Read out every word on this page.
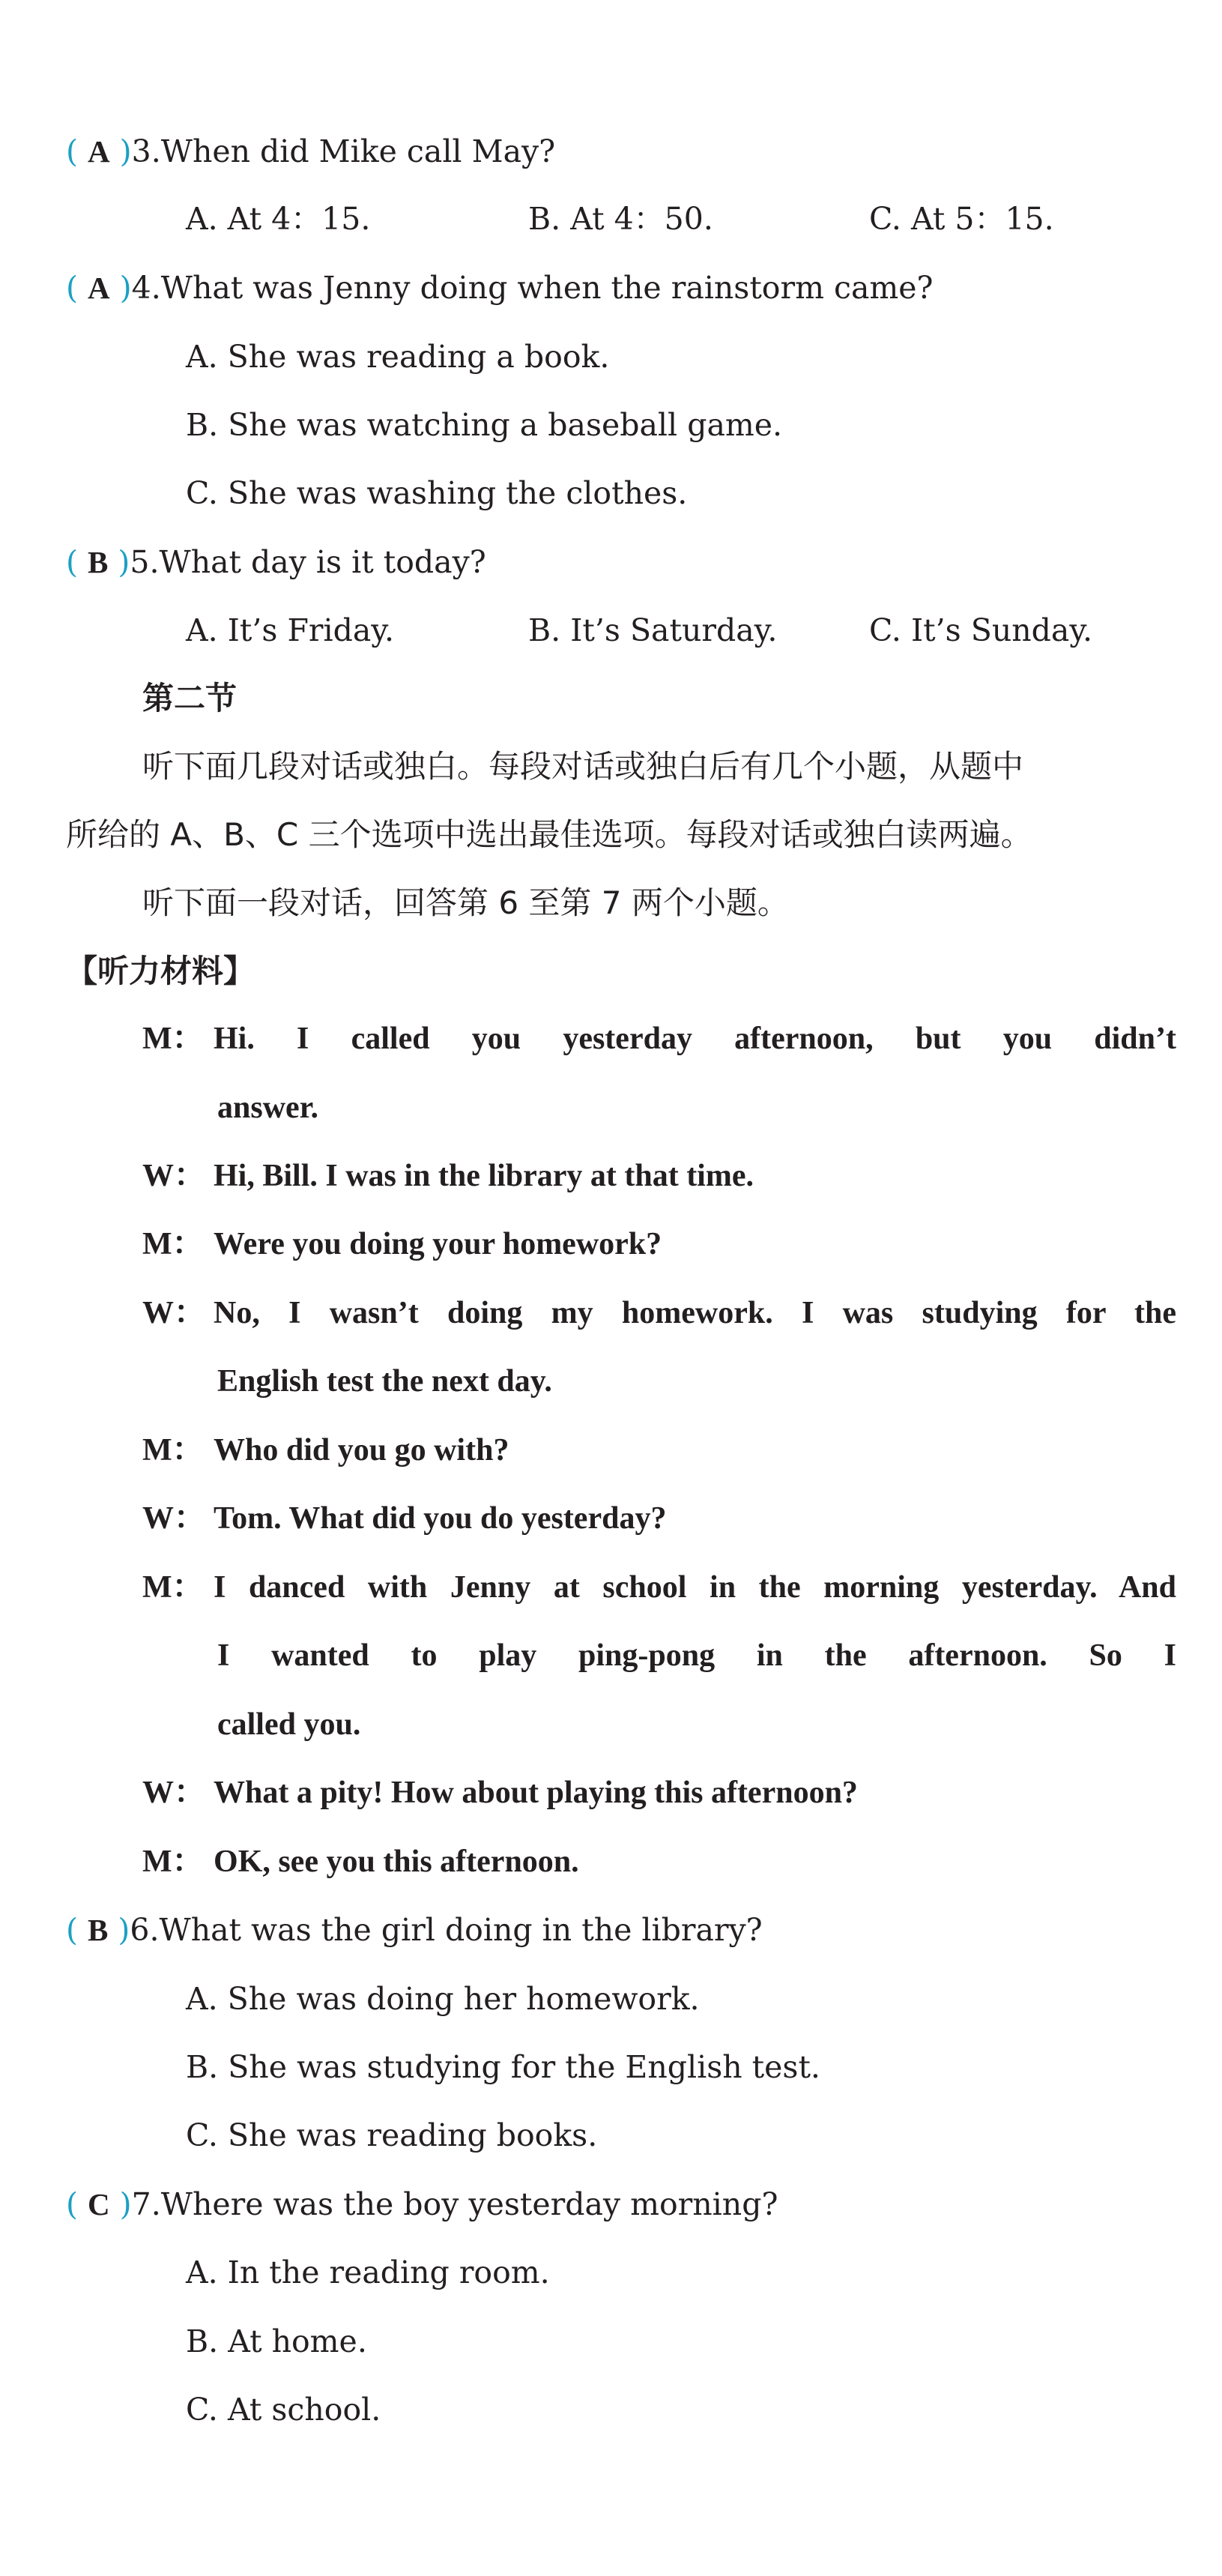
( A )3.When did Mike call May?
A. At 4：15.	B. At 4：50.	C. At 5：15.
( A )4.What was Jenny doing when the rainstorm came?
A. She was reading a book.
B. She was watching a baseball game.
C. She was washing the clothes.
( B )5.What day is it today?
A. It’s Friday.	B. It’s Saturday.	C. It’s Sunday.
第二节
听下面几段对话或独白。每段对话或独白后有几个小题，从题中
所给的 A、B、C 三个选项中选出最佳选项。每段对话或独白读两遍。
听下面一段对话，回答第 6 至第 7 两个小题。
【听力材料】
M： Hi. I called you yesterday afternoon, but you didn’t
answer.
W： Hi, Bill. I was in the library at that time.
M： Were you doing your homework?
W： No, I wasn’t doing my homework. I was studying for the
English test the next day.
M： Who did you go with?
W： Tom. What did you do yesterday?
M： I danced with Jenny at school in the morning yesterday. And
I wanted to play ping-pong in the afternoon. So I
called you.
W： What a pity! How about playing this afternoon?
M： OK, see you this afternoon.
( B )6.What was the girl doing in the library?
A. She was doing her homework.
B. She was studying for the English test.
C. She was reading books.
( C )7.Where was the boy yesterday morning?
A. In the reading room.
B. At home.
C. At school.
